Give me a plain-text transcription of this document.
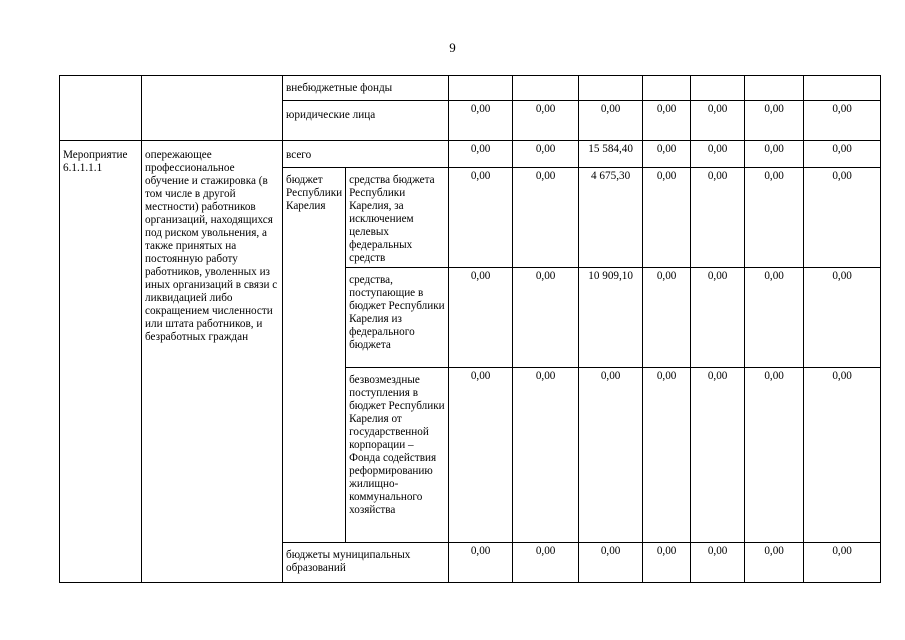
9
		внебюджетные фонды								
		юридические лица		0,00	0,00	0,00	0,00	0,00	0,00	0,00
Мероприятие 6.1.1.1.1	опережающее профессиональное обучение и стажировка (в том числе в другой местности) работников организаций, находящихся под риском увольнения, а также принятых на постоянную работу работников, уволенных из иных организаций в связи с ликвидацией либо сокращением численности или штата работников, и безработных граждан	всего		0,00	0,00	15 584,40	0,00	0,00	0,00	0,00
		бюджет Республики Карелия	средства бюджета Республики Карелия, за исключением целевых федеральных средств	0,00	0,00	4 675,30	0,00	0,00	0,00	0,00
			средства, поступающие в бюджет Республики Карелия из федерального бюджета	0,00	0,00	10 909,10	0,00	0,00	0,00	0,00
			безвозмездные поступления в бюджет Республики Карелия от государственной корпорации – Фонда содействия реформированию жилищно-коммунального хозяйства	0,00	0,00	0,00	0,00	0,00	0,00	0,00
		бюджеты муниципальных образований		0,00	0,00	0,00	0,00	0,00	0,00	0,00
